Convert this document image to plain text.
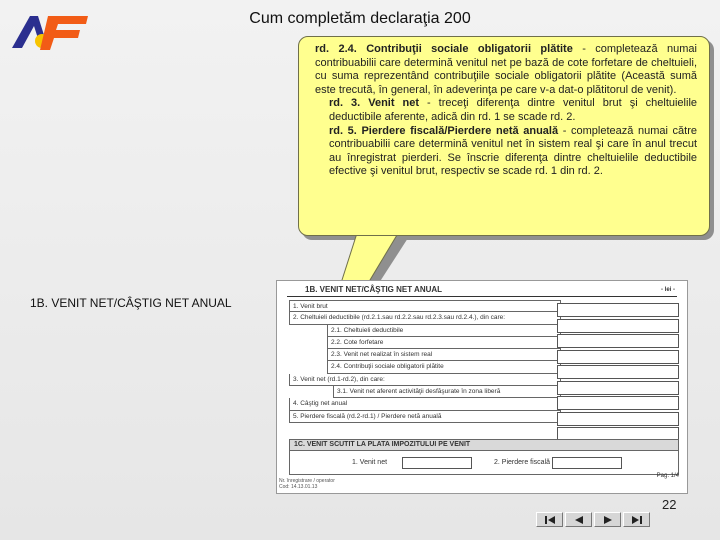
Cum completăm declaraţia 200

rd. 2.4. Contribuţii sociale obligatorii plătite - completează numai contribuabilii care determină venitul net pe bază de cote forfetare de cheltuieli, cu suma reprezentând contribuţiile sociale obligatorii plătite (Această sumă este trecută, în general, în adeverinţa pe care v-a dat-o plătitorul de venit).

rd. 3. Venit net - treceţi diferenţa dintre venitul brut şi cheltuielile deductibile aferente, adică din rd. 1 se scade rd. 2.

rd. 5. Pierdere fiscală/Pierdere netă anuală - completează numai către contribuabilii care determină venitul net în sistem real şi care în anul trecut au înregistrat pierderi. Se înscrie diferenţa dintre cheltuielile deductibile efective şi venitul brut, respectiv se scade rd. 1 din rd. 2.

1B. VENIT NET/CÂŞTIG NET ANUAL
1B. VENIT NET/CÂŞTIG NET ANUAL	- lei -
1. Venit brut
2. Cheltuieli deductibile (rd.2.1.sau rd.2.2.sau rd.2.3.sau rd.2.4.), din care:
2.1. Cheltuieli deductibile
2.2. Cote forfetare
2.3. Venit net realizat în sistem real
2.4. Contribuţii sociale obligatorii plătite
3. Venit net (rd.1-rd.2), din care:
3.1. Venit net aferent activităţii desfăşurate în zona liberă
4. Câştig net anual
5. Pierdere fiscală (rd.2-rd.1) / Pierdere netă anuală
1C. VENIT SCUTIT LA PLATA IMPOZITULUI PE VENIT
1. Venit net	2. Pierdere fiscală
Pag. 1/4
Nr. înregistrare / operator
Cod: 14.13.01.13
22
